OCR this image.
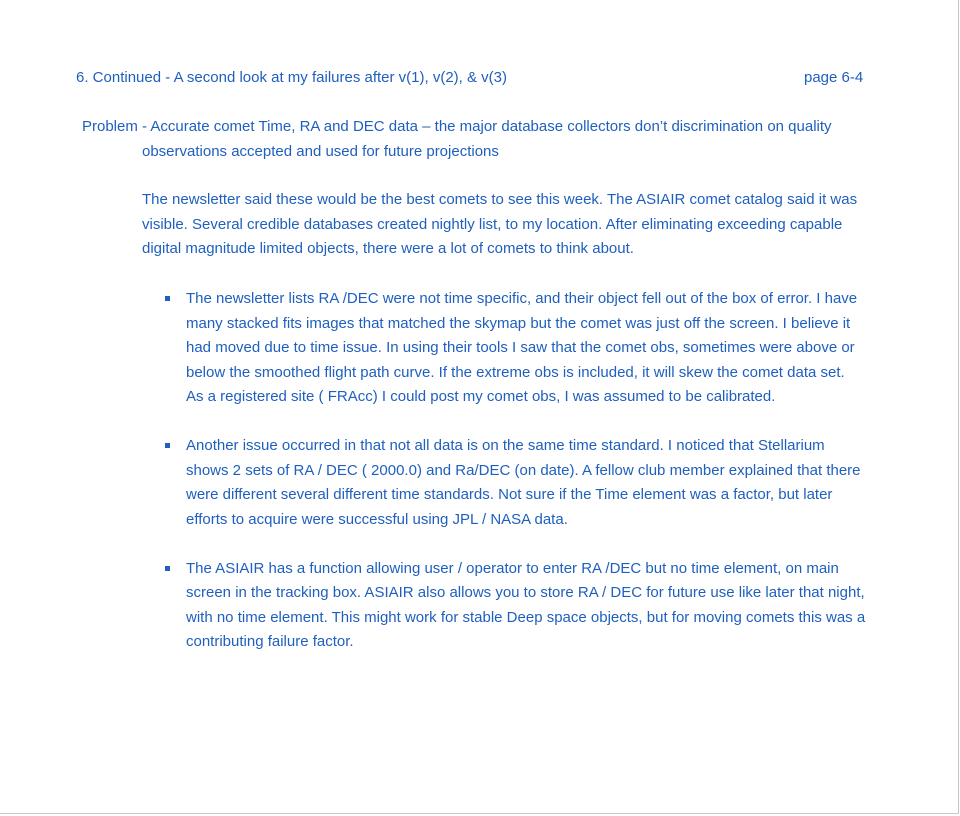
6. Continued - A second look at my failures after v(1), v(2), & v(3)	page 6-4
Problem - Accurate comet Time, RA and DEC data – the major database collectors don’t discrimination on quality
observations accepted and used for future projections
The newsletter said these would be the best comets to see this week. The ASIAIR comet catalog said it was
visible. Several credible databases created nightly list, to my location. After eliminating exceeding capable
digital magnitude limited objects, there were a lot of comets to think about.
The newsletter lists RA /DEC were not time specific, and their object fell out of the box of error. I have
many stacked fits images that matched the skymap but the comet was just off the screen. I believe it
had moved due to time issue. In using their tools I saw that the comet obs, sometimes were above or
below the smoothed flight path curve. If the extreme obs is included, it will skew the comet data set.
As a registered site ( FRAcc) I could post my comet obs, I was assumed to be calibrated.
Another issue occurred in that not all data is on the same time standard. I noticed that Stellarium
shows 2 sets of RA / DEC ( 2000.0) and Ra/DEC (on date). A fellow club member explained that there
were different several different time standards. Not sure if the Time element was a factor, but later
efforts to acquire were successful using JPL / NASA data.
The ASIAIR has a function allowing user / operator to enter RA /DEC but no time element, on main
screen in the tracking box. ASIAIR also allows you to store RA / DEC for future use like later that night,
with no time element. This might work for stable Deep space objects, but for moving comets this was a
contributing failure factor.
